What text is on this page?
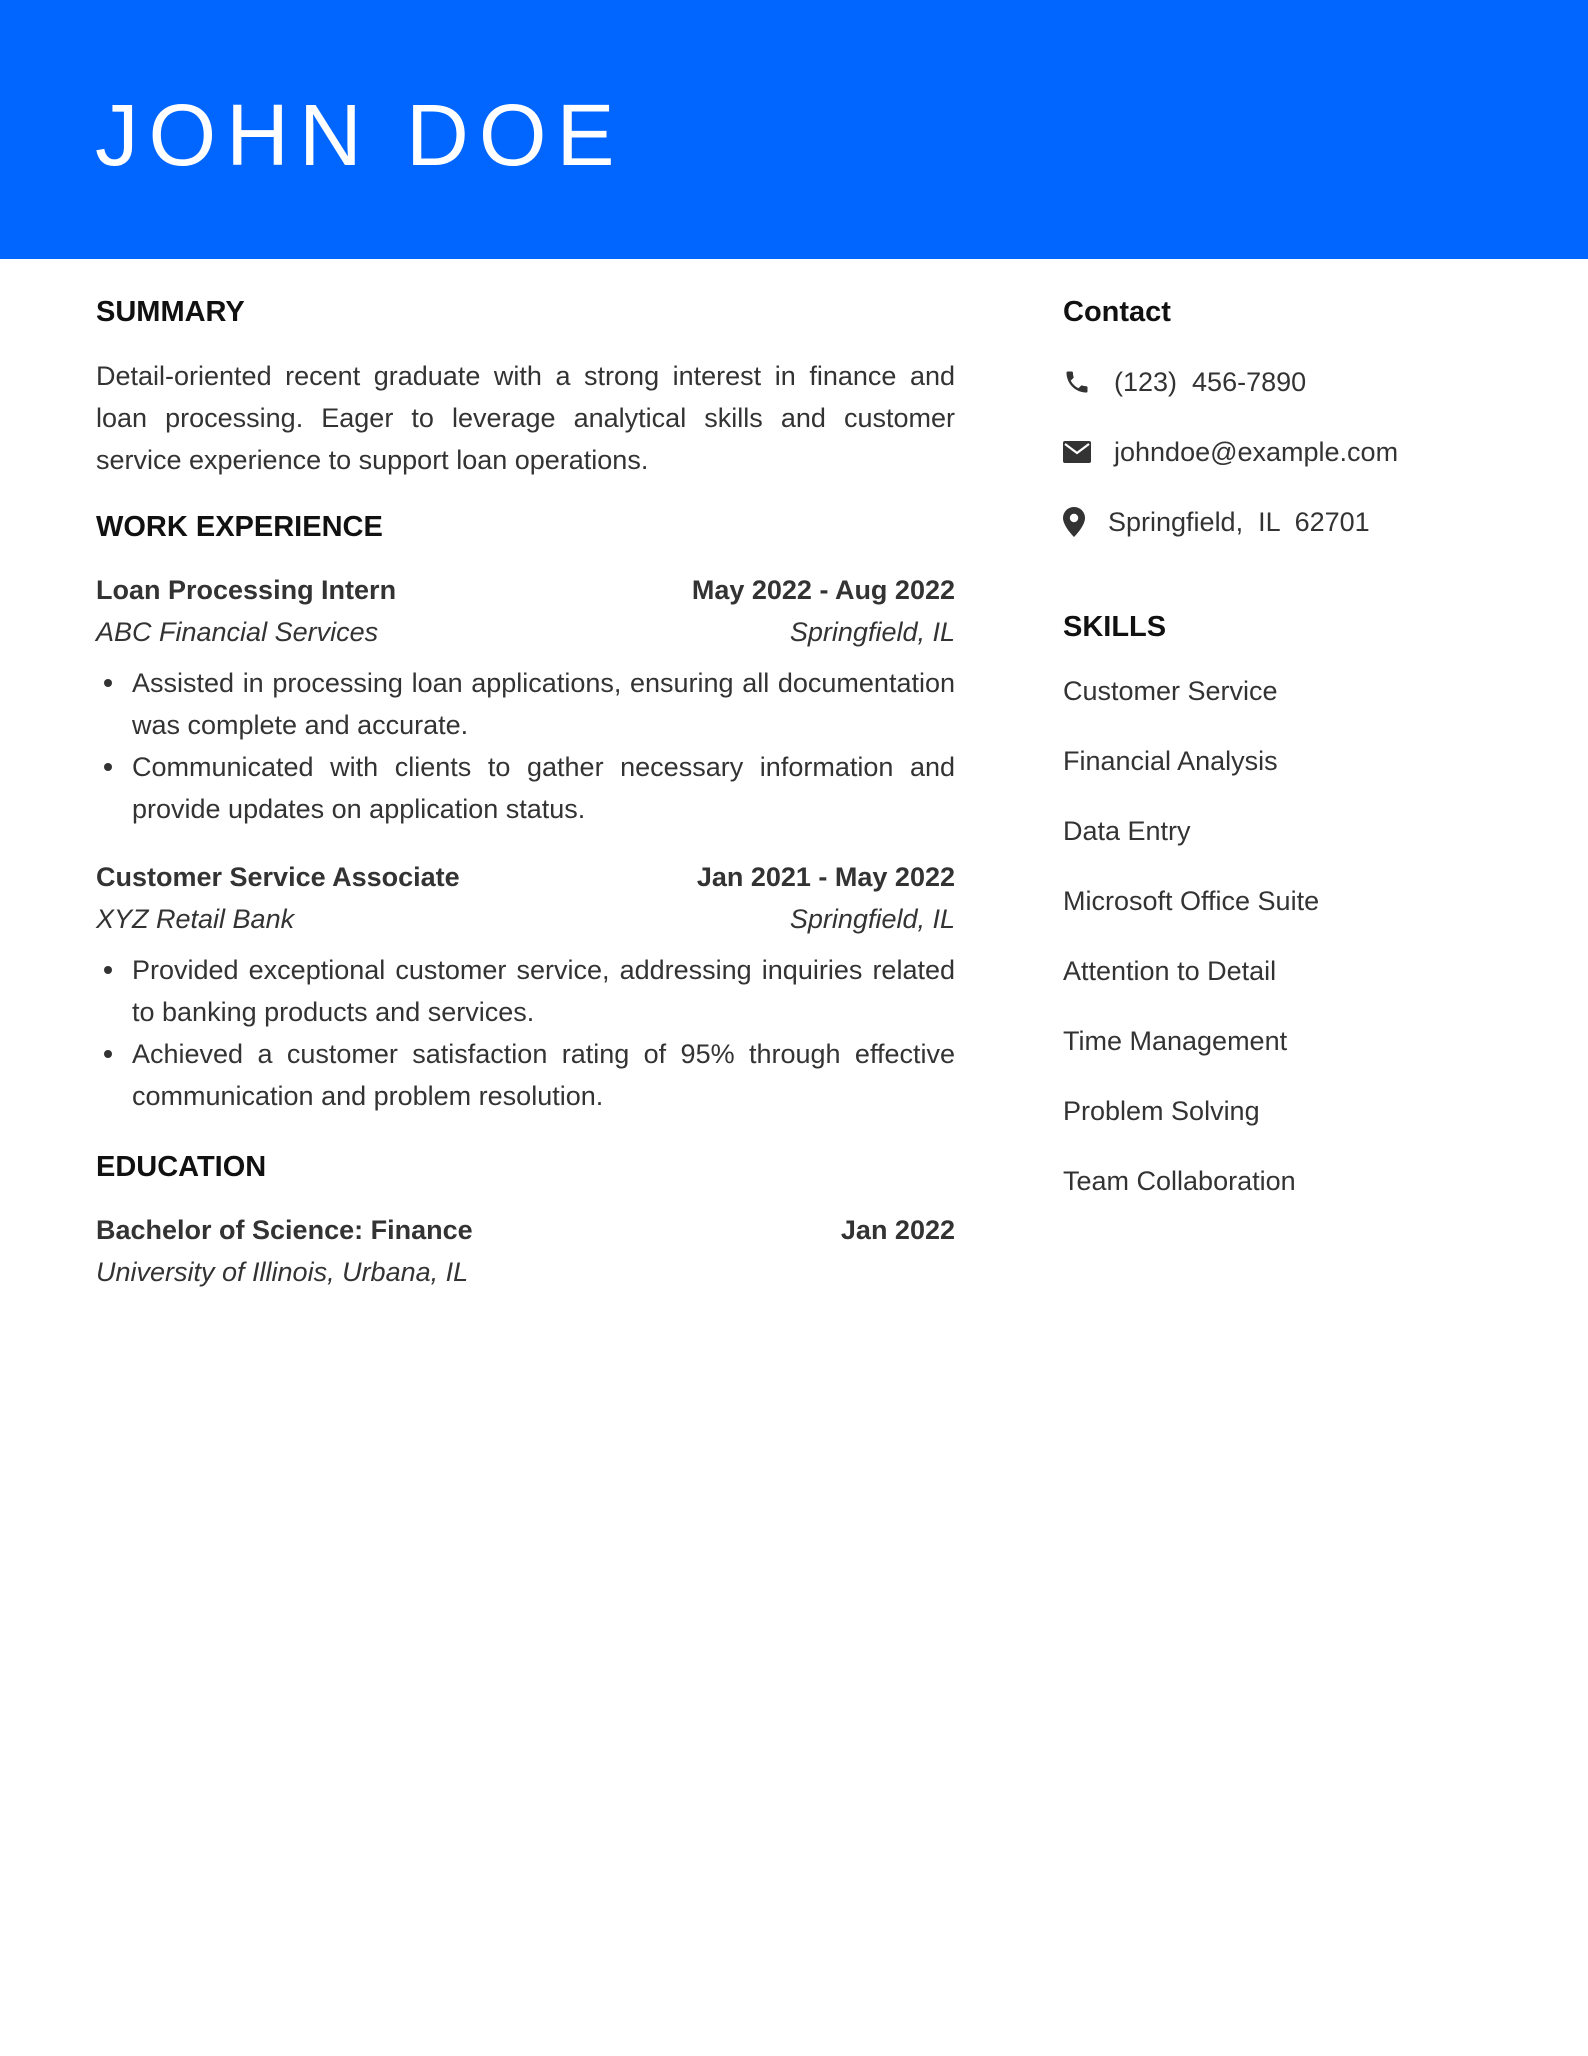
JOHN DOE
SUMMARY

Detail-oriented recent graduate with a strong interest in finance and loan processing. Eager to leverage analytical skills and customer service experience to support loan operations.

WORK EXPERIENCE
Loan Processing Intern	May 2022 - Aug 2022
ABC Financial Services	Springfield, IL
Assisted in processing loan applications, ensuring all documentation was complete and accurate.
Communicated with clients to gather necessary information and provide updates on application status.
Customer Service Associate	Jan 2021 - May 2022
XYZ Retail Bank	Springfield, IL
Provided exceptional customer service, addressing inquiries related to banking products and services.
Achieved a customer satisfaction rating of 95% through effective communication and problem resolution.
EDUCATION
Bachelor of Science: Finance	Jan 2022
University of Illinois, Urbana, IL
Contact
(123)  456-7890
johndoe@example.com
Springfield,  IL  62701
SKILLS
Customer Service
Financial Analysis
Data Entry
Microsoft Office Suite
Attention to Detail
Time Management
Problem Solving
Team Collaboration
